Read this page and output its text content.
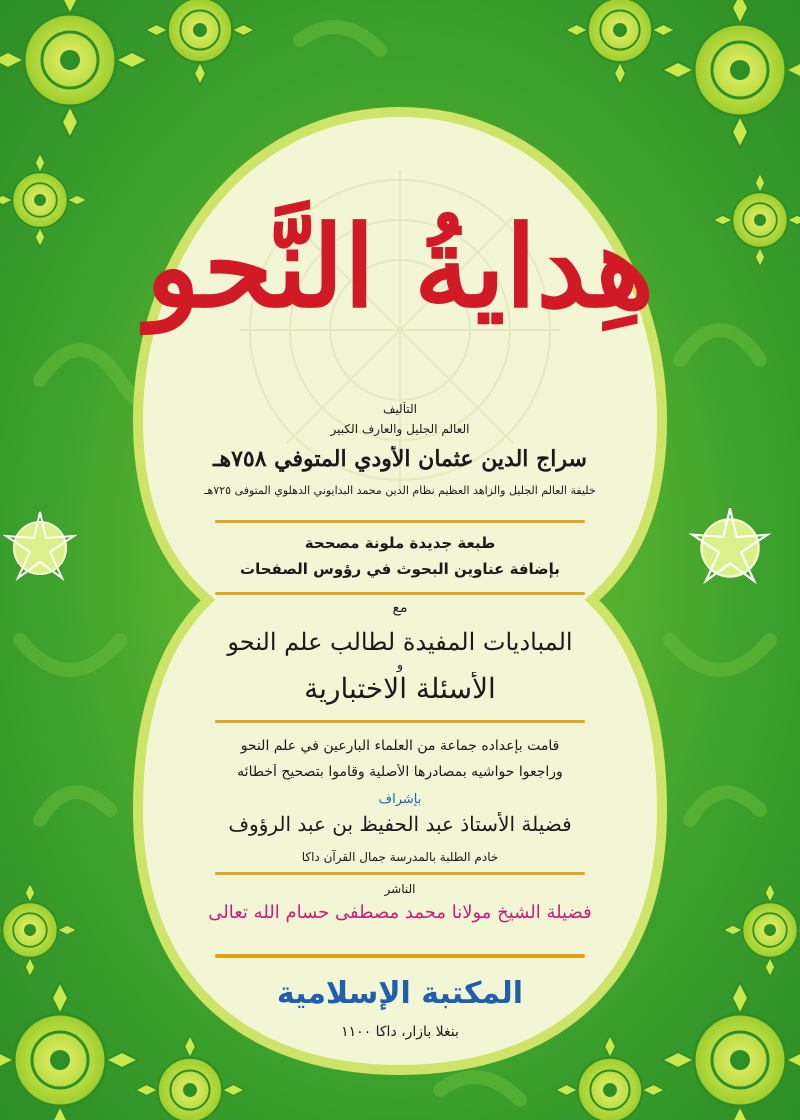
هِدايةُ النَّحو
التأليف
العالم الجليل والعارف الكبير
سراج الدين عثمان الأودي المتوفي ٧٥٨هـ
خليفة العالم الجليل والزاهد العظيم نظام الدين محمد البدايوني الدهلوي المتوفى ٧٢٥هـ
طبعة جديدة ملونة مصححة
بإضافة عناوين البحوث في رؤوس الصفحات
مع
المباديات المفيدة لطالب علم النحو
و
الأسئلة الاختبارية
قامت بإعداده جماعة من العلماء البارعين في علم النحو
وراجعوا حواشيه بمصادرها الأصلية وقاموا بتصحيح أخطائه
بإشراف
فضيلة الأستاذ عبد الحفيظ بن عبد الرؤوف
خادم الطلبة بالمدرسة جمال القرآن داكا
الناشر
فضيلة الشيخ مولانا محمد مصطفى حسام الله تعالى
المكتبة الإسلامية
بنغلا بازار، داكا ١١٠٠
